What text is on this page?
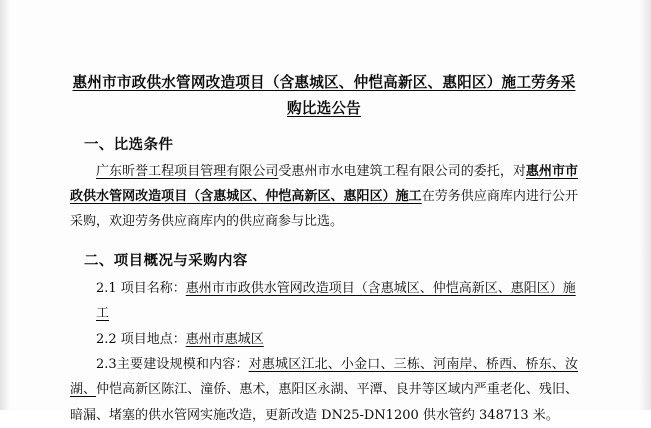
惠州市市政供水管网改造项目（含惠城区、仲恺高新区、惠阳区）施工劳务采
购比选公告
一、比选条件

广东昕誉工程项目管理有限公司受惠州市水电建筑工程有限公司的委托，对惠州市市政供水管网改造项目（含惠城区、仲恺高新区、惠阳区）施工在劳务供应商库内进行公开采购，欢迎劳务供应商库内的供应商参与比选。

二、项目概况与采购内容

2.1 项目名称：惠州市市政供水管网改造项目（含惠城区、仲恺高新区、惠阳区）施工

2.2 项目地点：惠州市惠城区

2.3主要建设规模和内容：对惠城区江北、小金口、三栋、河南岸、桥西、桥东、汝湖、仲恺高新区陈江、潼侨、惠术，惠阳区永湖、平潭、良井等区域内严重老化、残旧、暗漏、堵塞的供水管网实施改造，更新改造 DN25-DN1200 供水管约 348713 米。
